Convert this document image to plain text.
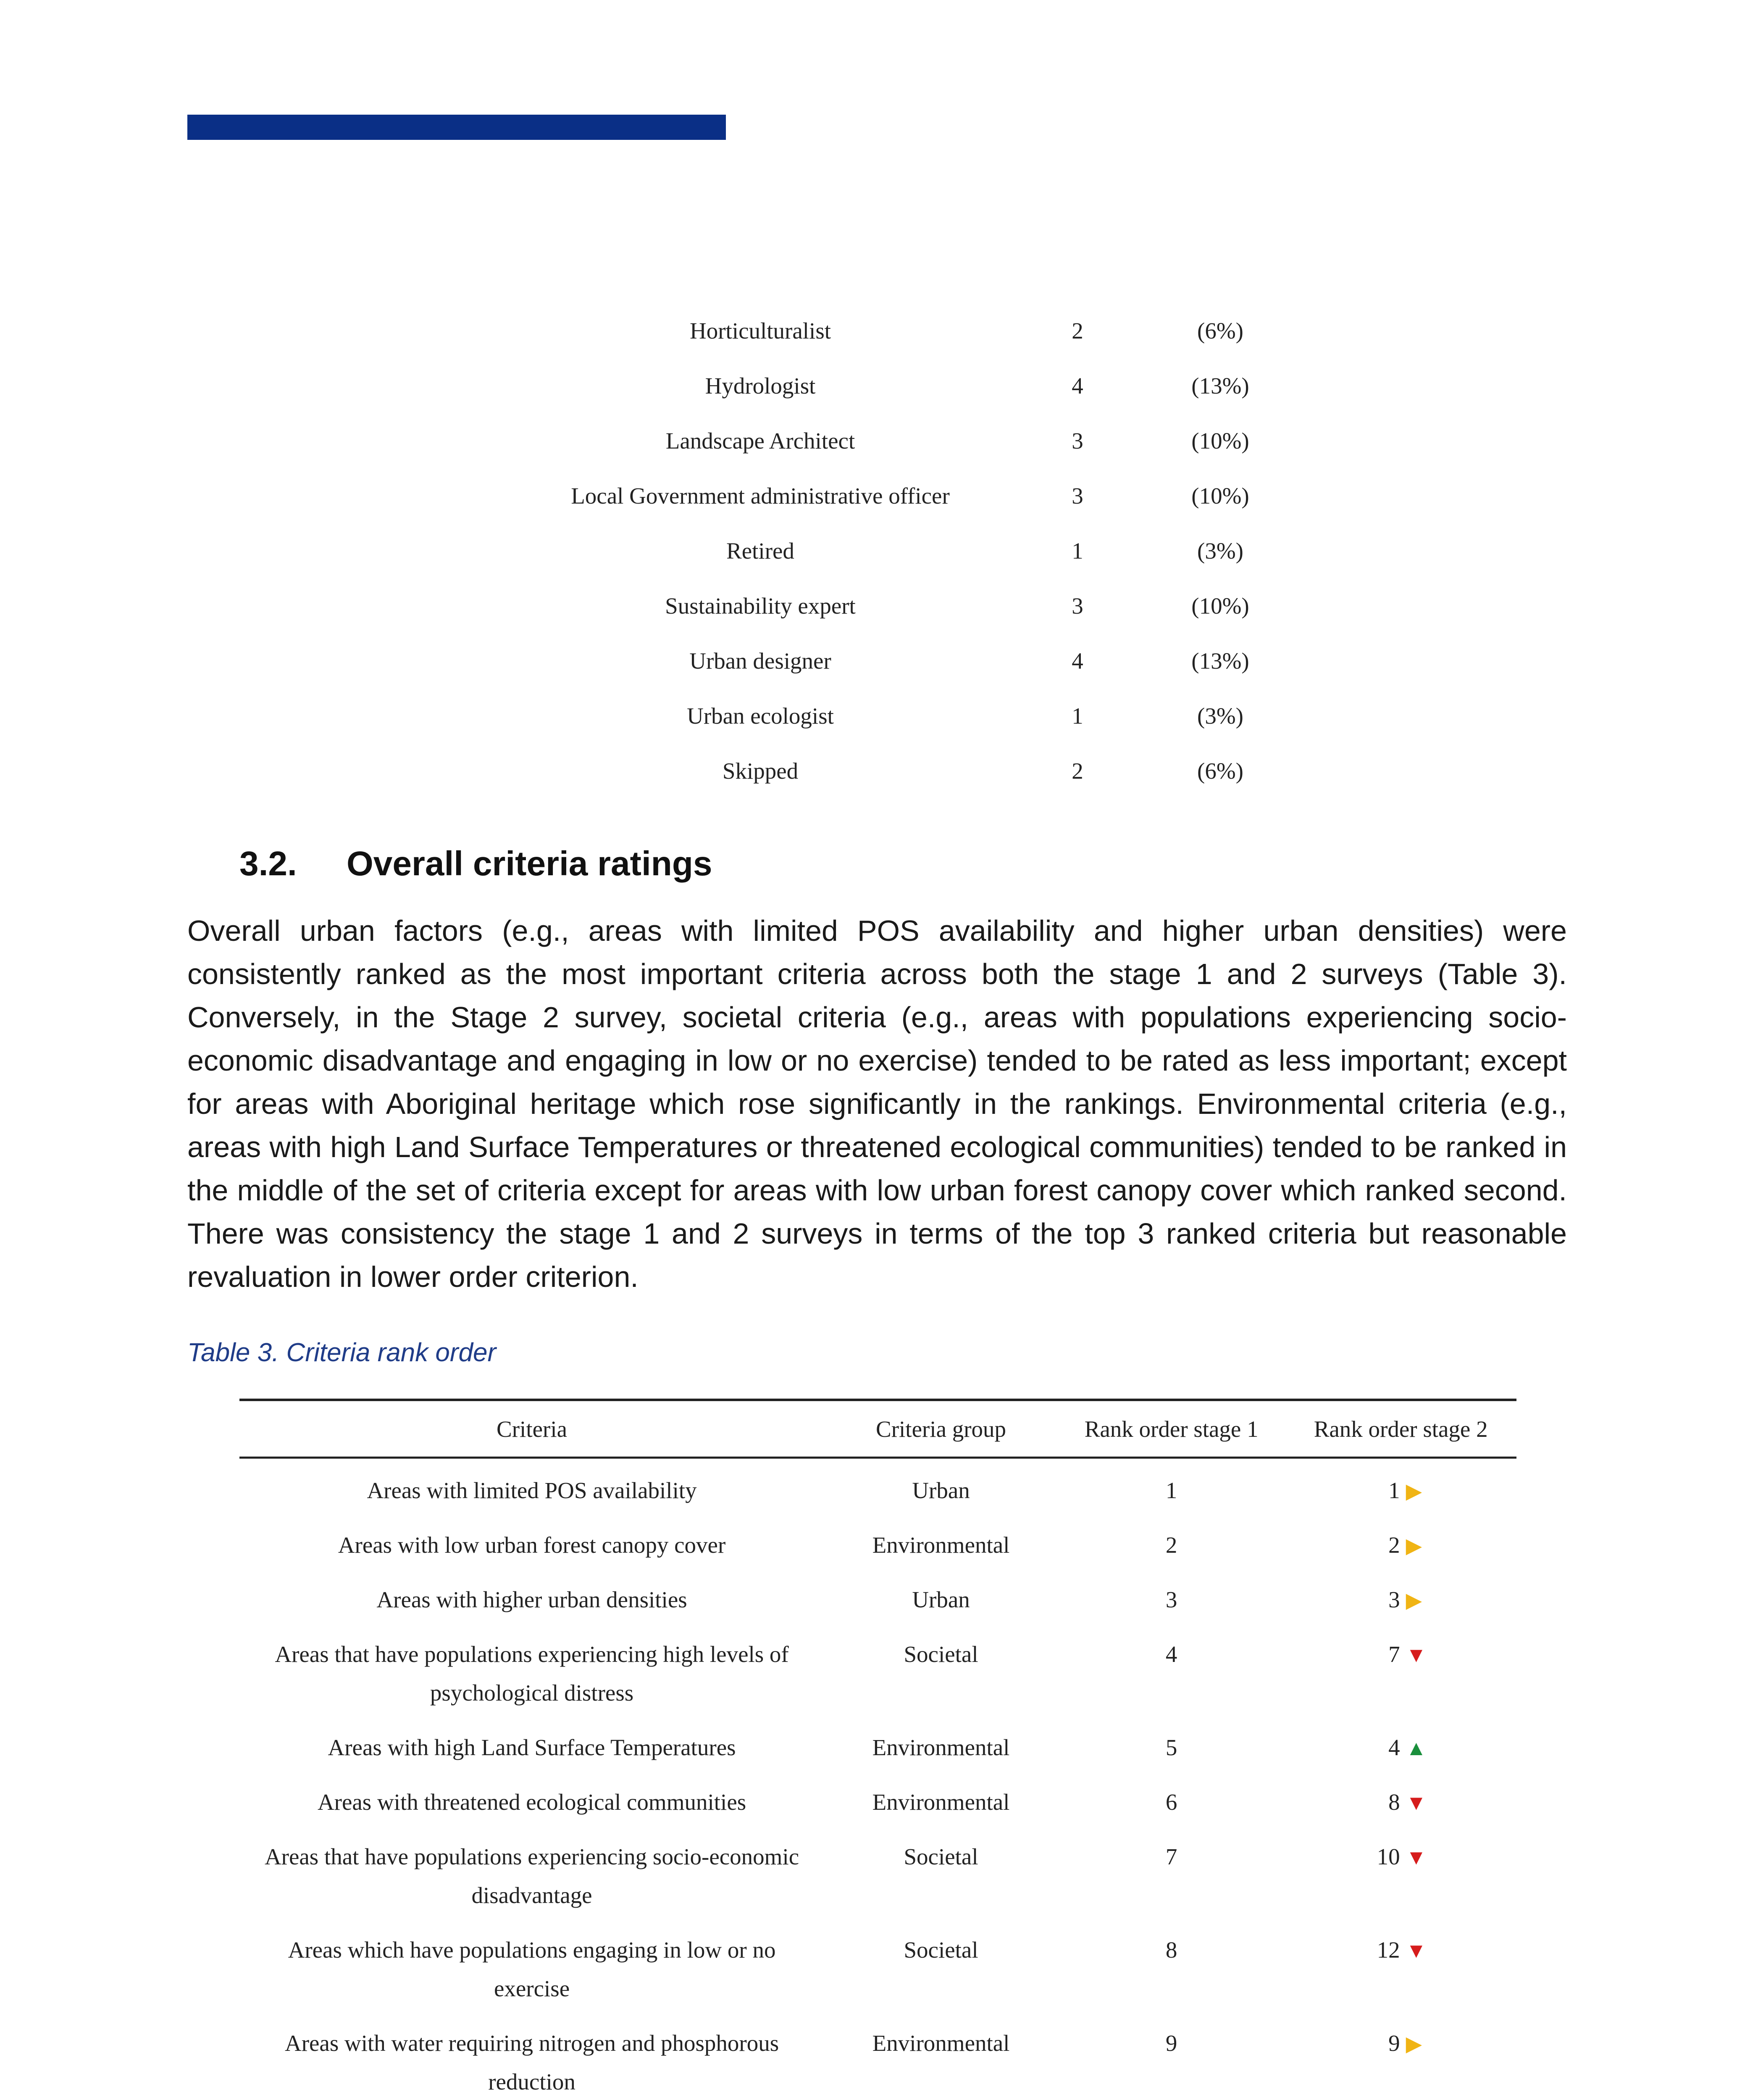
Horticulturalist	2	(6%)
Hydrologist	4	(13%)
Landscape Architect	3	(10%)
Local Government administrative officer	3	(10%)
Retired	1	(3%)
Sustainability expert	3	(10%)
Urban designer	4	(13%)
Urban ecologist	1	(3%)
Skipped	2	(6%)
3.2. Overall criteria ratings

Overall urban factors (e.g., areas with limited POS availability and higher urban densities) were consistently ranked as the most important criteria across both the stage 1 and 2 surveys (Table 3). Conversely, in the Stage 2 survey, societal criteria (e.g., areas with populations experiencing socio-economic disadvantage and engaging in low or no exercise) tended to be rated as less important; except for areas with Aboriginal heritage which rose significantly in the rankings. Environmental criteria (e.g., areas with high Land Surface Temperatures or threatened ecological communities) tended to be ranked in the middle of the set of criteria except for areas with low urban forest canopy cover which ranked second. There was consistency the stage 1 and 2 surveys in terms of the top 3 ranked criteria but reasonable revaluation in lower order criterion.

Table 3. Criteria rank order
Criteria	Criteria group	Rank order stage 1	Rank order stage 2
Areas with limited POS availability	Urban	1	1 ▶
Areas with low urban forest canopy cover	Environmental	2	2 ▶
Areas with higher urban densities	Urban	3	3 ▶
Areas that have populations experiencing high levels of psychological distress	Societal	4	7 ▼
Areas with high Land Surface Temperatures	Environmental	5	4 ▲
Areas with threatened ecological communities	Environmental	6	8 ▼
Areas that have populations experiencing socio-economic disadvantage	Societal	7	10 ▼
Areas which have populations engaging in low or no exercise	Societal	8	12 ▼
Areas with water requiring nitrogen and phosphorous reduction	Environmental	9	9 ▶
